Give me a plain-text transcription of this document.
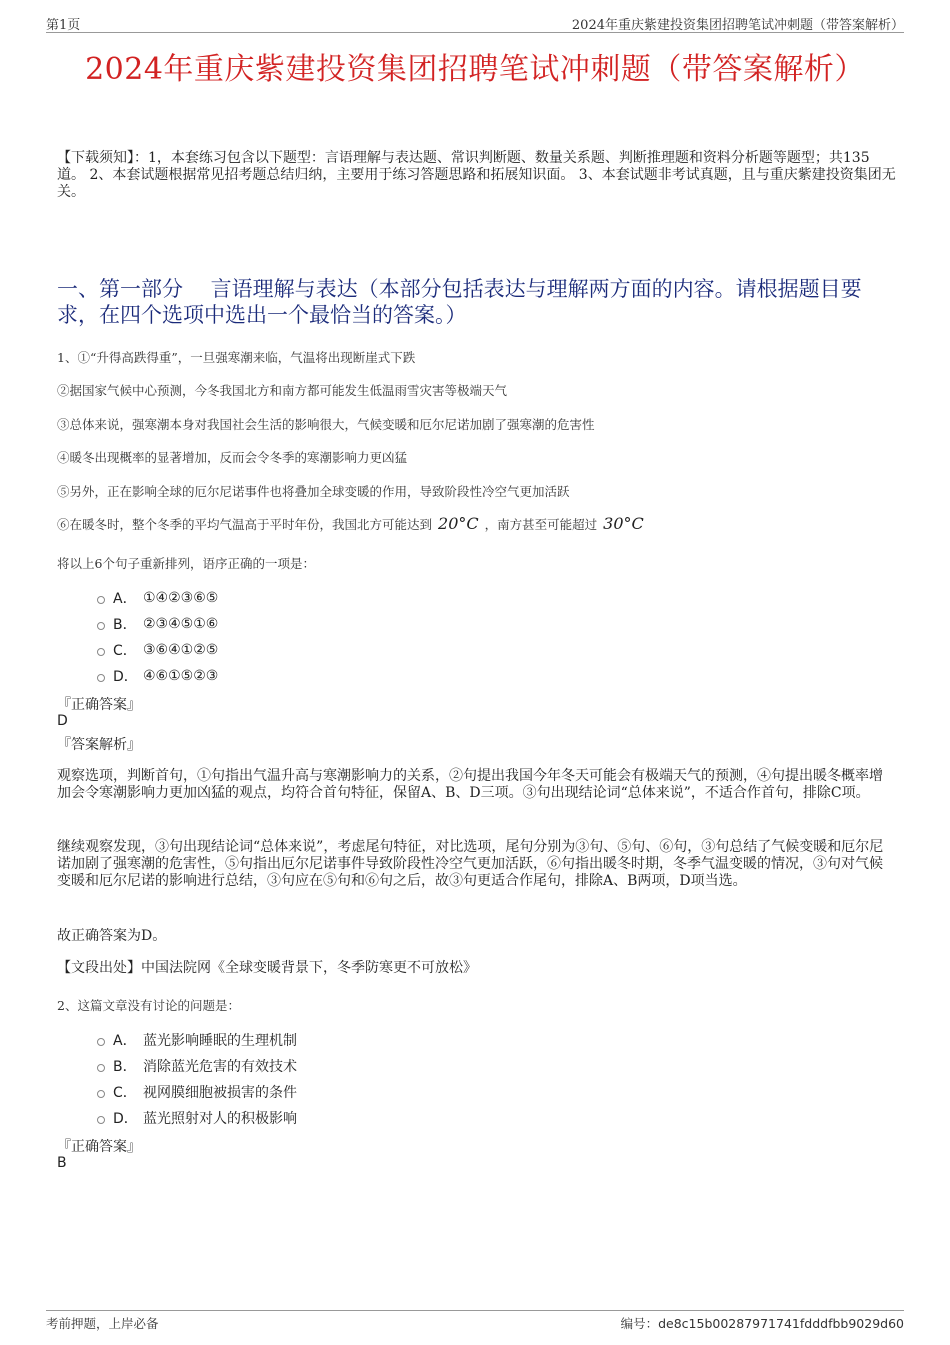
第1页	2024年重庆紫建投资集团招聘笔试冲刺题（带答案解析）
2024年重庆紫建投资集团招聘笔试冲刺题（带答案解析）
【下载须知】：1，本套练习包含以下题型：言语理解与表达题、常识判断题、数量关系题、判断推理题和资料分析题等题型；共135道。 2、本套试题根据常见招考题总结归纳，主要用于练习答题思路和拓展知识面。 3、本套试题非考试真题，且与重庆紫建投资集团无关。
一、第一部分　 言语理解与表达（本部分包括表达与理解两方面的内容。请根据题目要求，在四个选项中选出一个最恰当的答案。）
1、①“升得高跌得重”，一旦强寒潮来临，气温将出现断崖式下跌
②据国家气候中心预测，今冬我国北方和南方都可能发生低温雨雪灾害等极端天气
③总体来说，强寒潮本身对我国社会生活的影响很大，气候变暖和厄尔尼诺加剧了强寒潮的危害性
④暖冬出现概率的显著增加，反而会令冬季的寒潮影响力更凶猛
⑤另外，正在影响全球的厄尔尼诺事件也将叠加全球变暖的作用，导致阶段性冷空气更加活跃
⑥在暖冬时，整个冬季的平均气温高于平时年份，我国北方可能达到 20°C ，南方甚至可能超过 30°C
将以上6个句子重新排列，语序正确的一项是：
A． ①④②③⑥⑤
B． ②③④⑤①⑥
C． ③⑥④①②⑤
D． ④⑥①⑤②③
『正确答案』
D
『答案解析』
观察选项，判断首句，①句指出气温升高与寒潮影响力的关系，②句提出我国今年冬天可能会有极端天气的预测，④句提出暖冬概率增加会令寒潮影响力更加凶猛的观点，均符合首句特征，保留A、B、D三项。③句出现结论词“总体来说”，不适合作首句，排除C项。
继续观察发现，③句出现结论词“总体来说”，考虑尾句特征，对比选项，尾句分别为③句、⑤句、⑥句，③句总结了气候变暖和厄尔尼诺加剧了强寒潮的危害性，⑤句指出厄尔尼诺事件导致阶段性冷空气更加活跃，⑥句指出暖冬时期，冬季气温变暖的情况，③句对气候变暖和厄尔尼诺的影响进行总结，③句应在⑤句和⑥句之后，故③句更适合作尾句，排除A、B两项，D项当选。
故正确答案为D。
【文段出处】中国法院网《全球变暖背景下，冬季防寒更不可放松》
2、这篇文章没有讨论的问题是：
A． 蓝光影响睡眠的生理机制
B． 消除蓝光危害的有效技术
C． 视网膜细胞被损害的条件
D． 蓝光照射对人的积极影响
『正确答案』
B
考前押题，上岸必备	编号：de8c15b00287971741fdddfbb9029d60
